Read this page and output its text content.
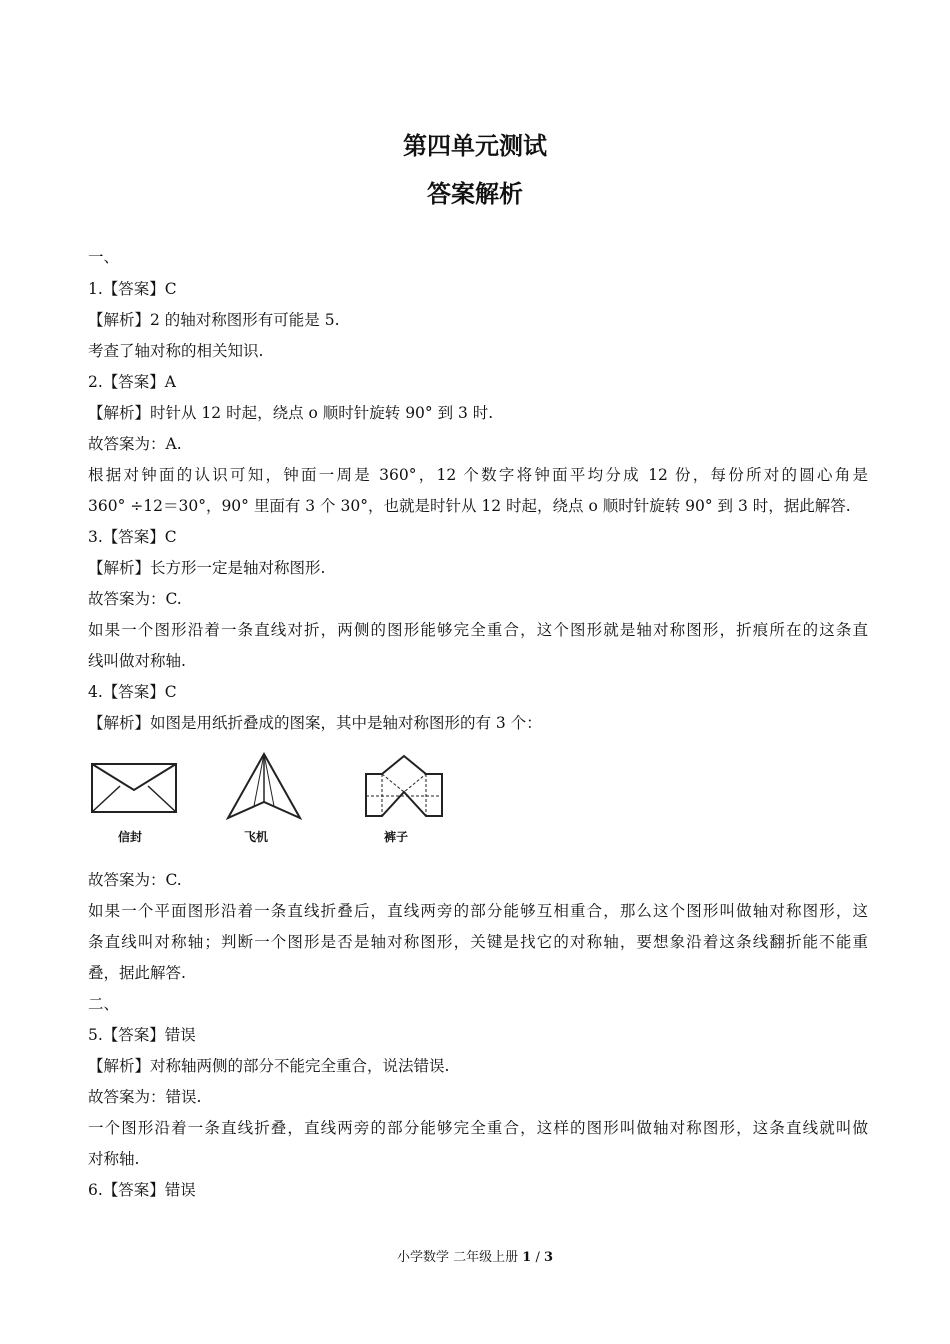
第四单元测试
答案解析
一、
1.【答案】C
【解析】2 的轴对称图形有可能是 5.
考查了轴对称的相关知识.
2.【答案】A
【解析】时针从 12 时起，绕点 o 顺时针旋转 90° 到 3 时.
故答案为：A.
根据对钟面的认识可知，钟面一周是 360°，12 个数字将钟面平均分成 12 份，每份所对的圆心角是
360° ÷12＝30°，90° 里面有 3 个 30°，也就是时针从 12 时起，绕点 o 顺时针旋转 90° 到 3 时，据此解答.
3.【答案】C
【解析】长方形一定是轴对称图形.
故答案为：C.
如果一个图形沿着一条直线对折，两侧的图形能够完全重合，这个图形就是轴对称图形，折痕所在的这条直
线叫做对称轴.
4.【答案】C
【解析】如图是用纸折叠成的图案，其中是轴对称图形的有 3 个：
信封	飞机	裤子
故答案为：C.
如果一个平面图形沿着一条直线折叠后，直线两旁的部分能够互相重合，那么这个图形叫做轴对称图形，这
条直线叫对称轴；判断一个图形是否是轴对称图形，关键是找它的对称轴，要想象沿着这条线翻折能不能重
叠，据此解答.
二、
5.【答案】错误
【解析】对称轴两侧的部分不能完全重合，说法错误.
故答案为：错误.
一个图形沿着一条直线折叠，直线两旁的部分能够完全重合，这样的图形叫做轴对称图形，这条直线就叫做
对称轴.
6.【答案】错误
小学数学 二年级上册 1 / 3
